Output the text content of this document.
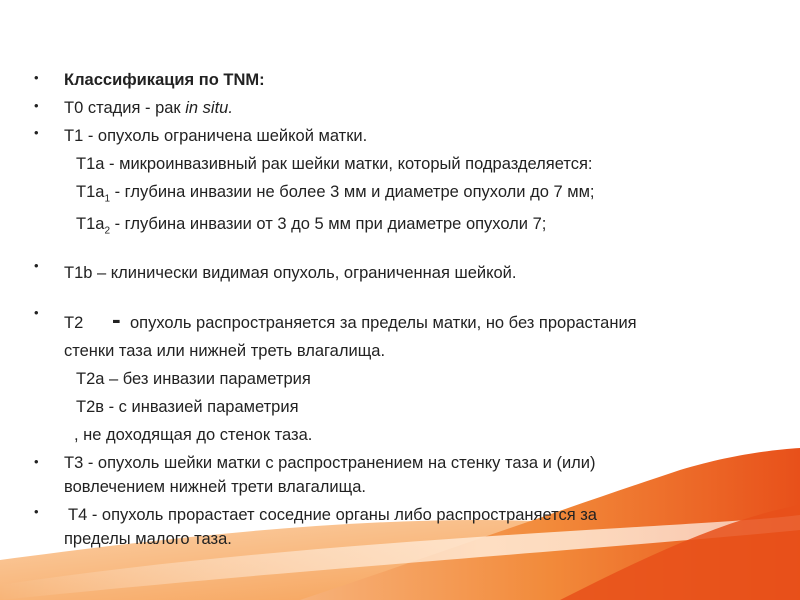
•
•
•
•
•
•
•
Классификация по TNM:
T0 стадия - рак in situ.
T1 - опухоль ограничена шейкой матки.
T1a - микроинвазивный рак шейки матки, который подразделяется:
$T1a_1$ - глубина инвазии не более 3 мм и диаметре опухоли до 7 мм;
$T1a_2$ - глубина инвазии от 3 до 5 мм при диаметре опухоли 7;
T1b – клинически видимая опухоль, ограниченная шейкой.
T2 - опухоль распространяется за пределы матки, но без прорастания
стенки таза или нижней треть влагалища.
T2a – без инвазии параметрия
T2в - с инвазией параметрия
, не доходящая до стенок таза.
T3 - опухоль шейки матки с распространением на стенку таза и (или)
вовлечением нижней трети влагалища.
T4 - опухоль прорастает соседние органы либо распространяется за
пределы малого таза.
